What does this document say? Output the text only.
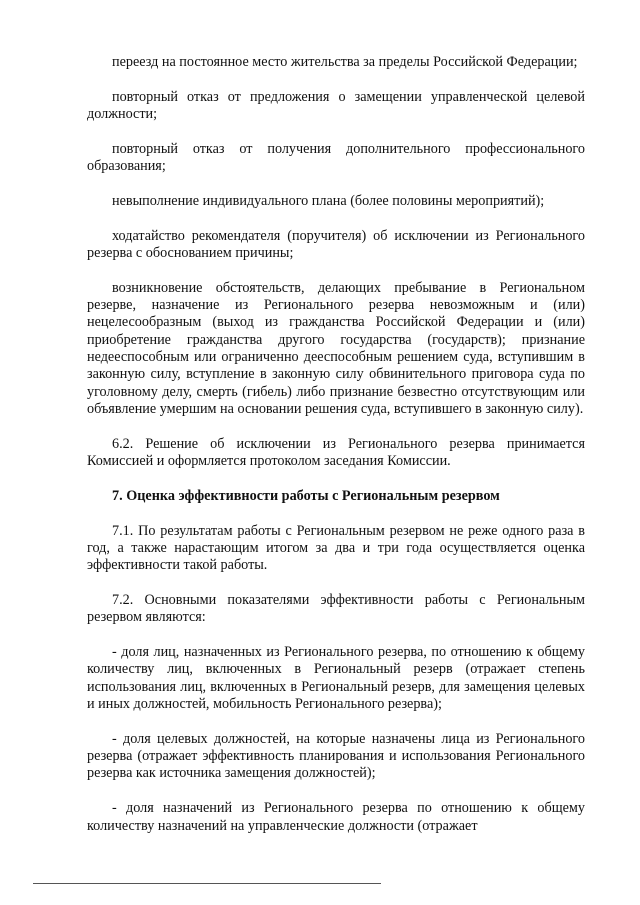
переезд на постоянное место жительства за пределы Российской Федерации;

повторный отказ от предложения о замещении управленческой целевой должности;

повторный отказ от получения дополнительного профессионального образования;

невыполнение индивидуального плана (более половины мероприятий);

ходатайство рекомендателя (поручителя) об исключении из Регионального резерва с обоснованием причины;

возникновение обстоятельств, делающих пребывание в Региональном резерве, назначение из Регионального резерва невозможным и (или) нецелесообразным (выход из гражданства Российской Федерации и (или) приобретение гражданства другого государства (государств); признание недееспособным или ограниченно дееспособным решением суда, вступившим в законную силу, вступление в законную силу обвинительного приговора суда по уголовному делу, смерть (гибель) либо признание безвестно отсутствующим или объявление умершим на основании решения суда, вступившего в законную силу).

6.2. Решение об исключении из Регионального резерва принимается Комиссией и оформляется протоколом заседания Комиссии.

7. Оценка эффективности работы с Региональным резервом

7.1. По результатам работы с Региональным резервом не реже одного раза в год, а также нарастающим итогом за два и три года осуществляется оценка эффективности такой работы.

7.2. Основными показателями эффективности работы с Региональным резервом являются:

- доля лиц, назначенных из Регионального резерва, по отношению к общему количеству лиц, включенных в Региональный резерв (отражает степень использования лиц, включенных в Региональный резерв, для замещения целевых и иных должностей, мобильность Регионального резерва);

- доля целевых должностей, на которые назначены лица из Регионального резерва (отражает эффективность планирования и использования Регионального резерва как источника замещения должностей);

- доля назначений из Регионального резерва по отношению к общему количеству назначений на управленческие должности (отражает
